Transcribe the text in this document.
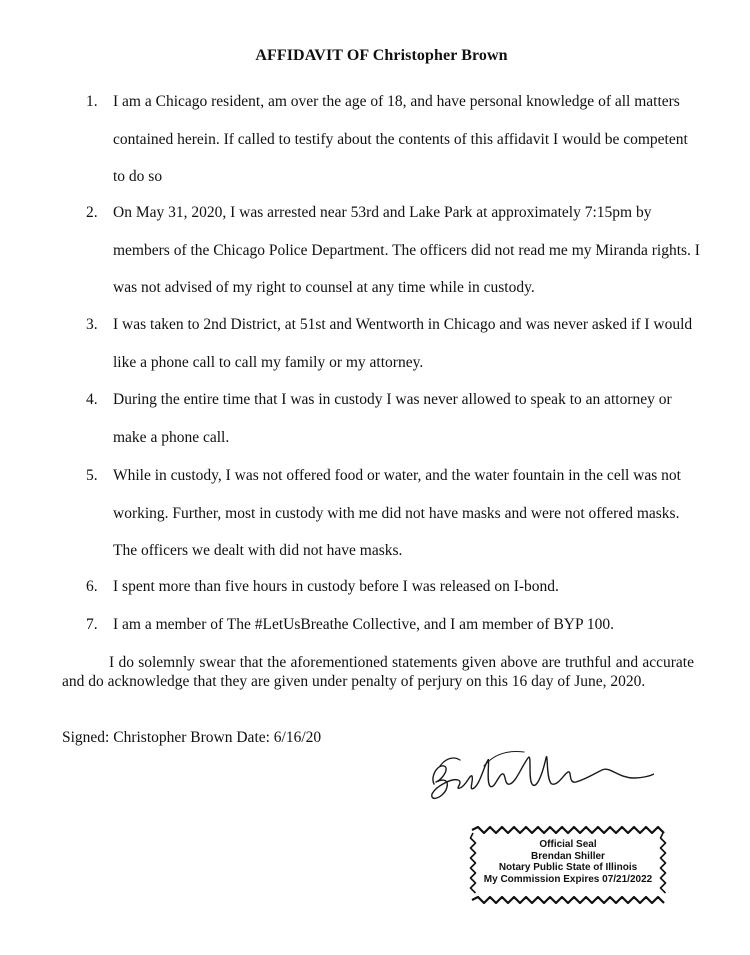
AFFIDAVIT OF Christopher Brown
1. I am a Chicago resident, am over the age of 18, and have personal knowledge of all matters contained herein. If called to testify about the contents of this affidavit I would be competent to do so
2. On May 31, 2020, I was arrested near 53rd and Lake Park at approximately 7:15pm by members of the Chicago Police Department. The officers did not read me my Miranda rights. I was not advised of my right to counsel at any time while in custody.
3. I was taken to 2nd District, at 51st and Wentworth in Chicago and was never asked if I would like a phone call to call my family or my attorney.
4. During the entire time that I was in custody I was never allowed to speak to an attorney or make a phone call.
5. While in custody, I was not offered food or water, and the water fountain in the cell was not working. Further, most in custody with me did not have masks and were not offered masks. The officers we dealt with did not have masks.
6. I spent more than five hours in custody before I was released on I-bond.
7. I am a member of The #LetUsBreathe Collective, and I am member of BYP 100.

I do solemnly swear that the aforementioned statements given above are truthful and accurate and do acknowledge that they are given under penalty of perjury on this 16 day of June, 2020.

Signed: Christopher Brown Date: 6/16/20

Official Seal
Brendan Shiller
Notary Public State of Illinois
My Commission Expires 07/21/2022
